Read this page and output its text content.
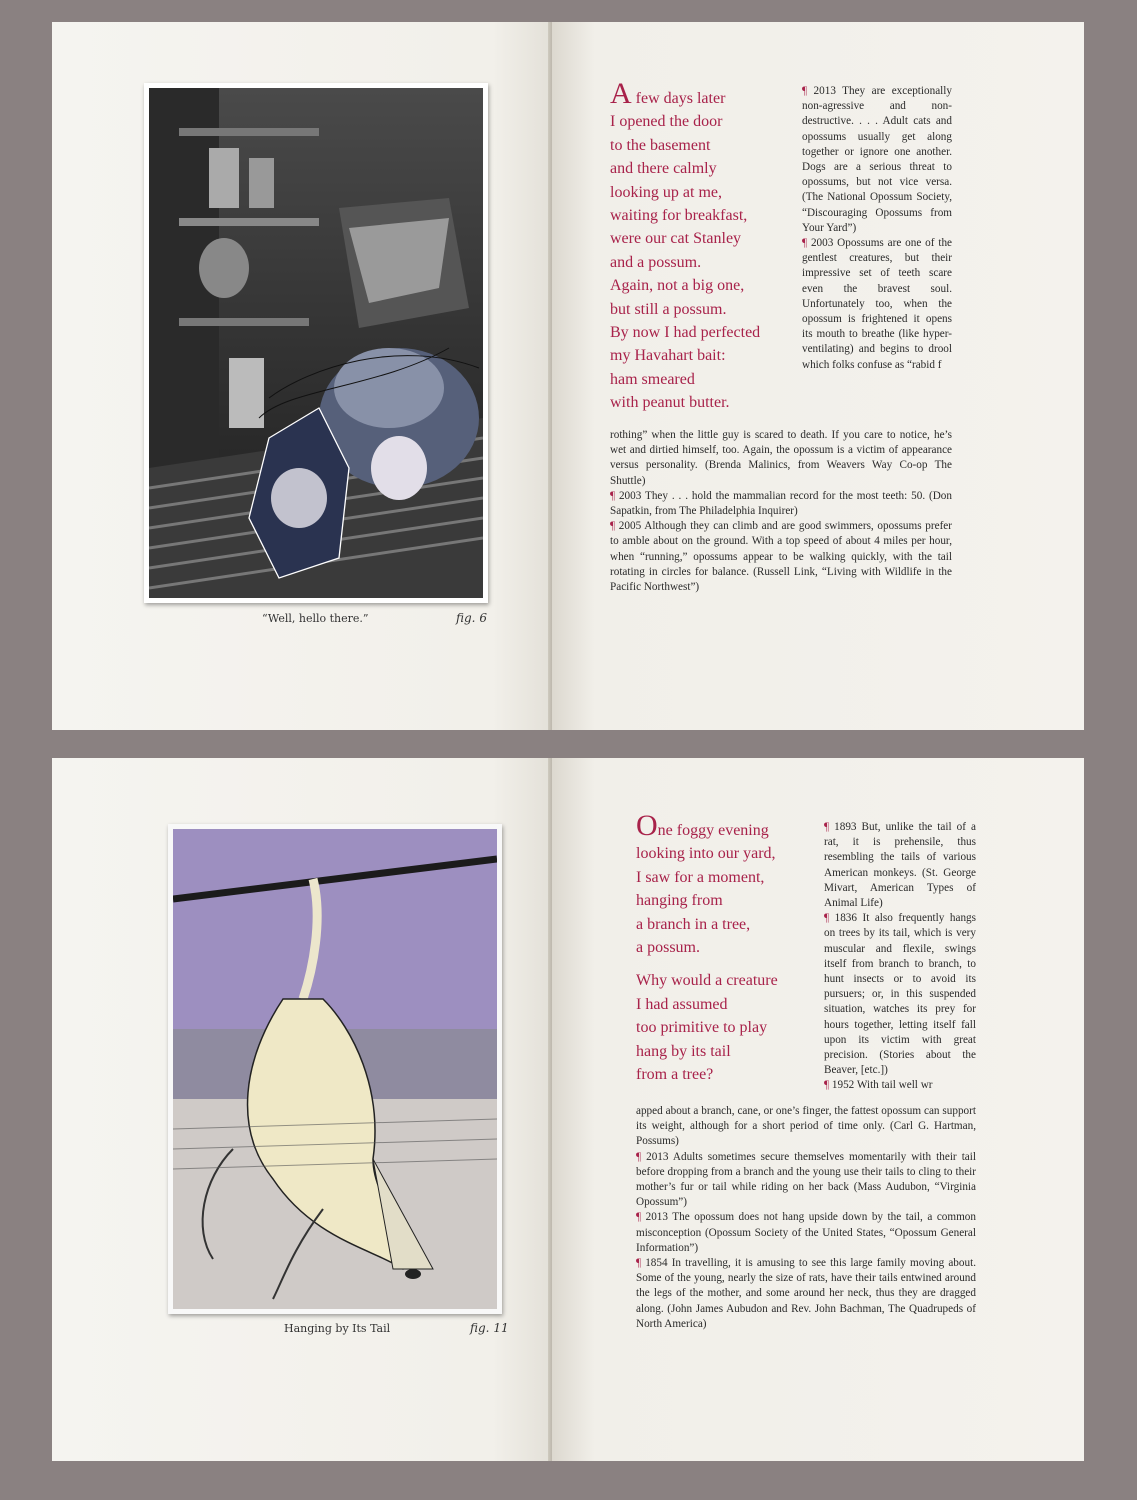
“Well, hello there.”	fig. 6
A few days later
I opened the door
to the basement
and there calmly
looking up at me,
waiting for breakfast,
were our cat Stanley
and a possum.
Again, not a big one,
but still a possum.
By now I had perfected
my Havahart bait:
ham smeared
with peanut butter.

¶ 2013 They are exceptionally non-agressive and non-destructive. . . . Adult cats and opossums usually get along together or ignore one another. Dogs are a serious threat to opossums, but not vice versa. (The National Opossum Society, “Discouraging Opossums from Your Yard”)

¶ 2003 Opossums are one of the gentlest creatures, but their impressive set of teeth scare even the bravest soul. Unfortunately too, when the opossum is frightened it opens its mouth to breathe (like hyper-ventilating) and begins to drool which folks confuse as “rabid f

rothing” when the little guy is scared to death. If you care to notice, he’s wet and dirtied himself, too. Again, the opossum is a victim of appearance versus personality. (Brenda Malinics, from Weavers Way Co-op The Shuttle)

¶ 2003 They . . . hold the mammalian record for the most teeth: 50. (Don Sapatkin, from The Philadelphia Inquirer)

¶ 2005 Although they can climb and are good swimmers, opossums prefer to amble about on the ground. With a top speed of about 4 miles per hour, when “running,” opossums appear to be walking quickly, with the tail rotating in circles for balance. (Russell Link, “Living with Wildlife in the Pacific Northwest”)

Hanging by Its Tail	fig. 11
One foggy evening
looking into our yard,
I saw for a moment,
hanging from
a branch in a tree,
a possum.
Why would a creature
I had assumed
too primitive to play
hang by its tail
from a tree?

¶ 1893 But, unlike the tail of a rat, it is prehensile, thus resembling the tails of various American monkeys. (St. George Mivart, American Types of Animal Life)

¶ 1836 It also frequently hangs on trees by its tail, which is very muscular and flexile, swings itself from branch to branch, to hunt insects or to avoid its pursuers; or, in this suspended situation, watches its prey for hours together, letting itself fall upon its victim with great precision. (Stories about the Beaver, [etc.])

¶ 1952 With tail well wr

apped about a branch, cane, or one’s finger, the fattest opossum can support its weight, although for a short period of time only. (Carl G. Hartman, Possums)

¶ 2013 Adults sometimes secure themselves momentarily with their tail before dropping from a branch and the young use their tails to cling to their mother’s fur or tail while riding on her back (Mass Audubon, “Virginia Opossum”)

¶ 2013 The opossum does not hang upside down by the tail, a common misconception (Opossum Society of the United States, “Opossum General Information”)

¶ 1854 In travelling, it is amusing to see this large family moving about. Some of the young, nearly the size of rats, have their tails entwined around the legs of the mother, and some around her neck, thus they are dragged along. (John James Aubudon and Rev. John Bachman, The Quadrupeds of North America)
